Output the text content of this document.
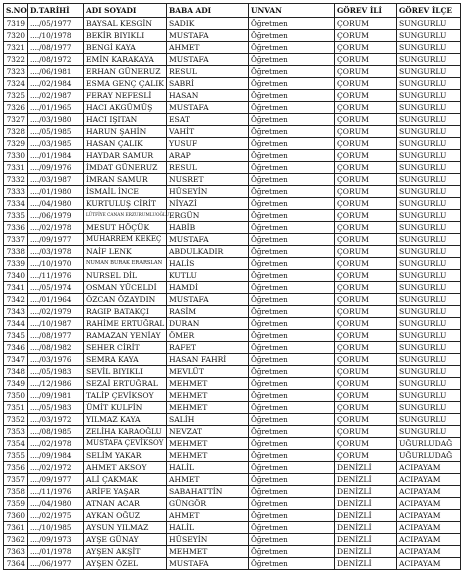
S.NO	D.TARİHİ	ADI SOYADI	BABA ADI	UNVAN	GÖREV İLİ	GÖREV İLÇE
7319	..../05/1977	BAYSAL KESGİN	SADIK	Öğretmen	ÇORUM	SUNGURLU
7320	..../10/1978	BEKİR BIYIKLI	MUSTAFA	Öğretmen	ÇORUM	SUNGURLU
7321	..../08/1977	BENGİ KAYA	AHMET	Öğretmen	ÇORUM	SUNGURLU
7322	..../08/1972	EMİN KARAKAYA	MUSTAFA	Öğretmen	ÇORUM	SUNGURLU
7323	..../06/1981	ERHAN GÜNERUZ	RESUL	Öğretmen	ÇORUM	SUNGURLU
7324	..../02/1984	ESMA GENÇ ÇALIK	SABRİ	Öğretmen	ÇORUM	SUNGURLU
7325	..../02/1987	FERAY NEFESLİ	HASAN	Öğretmen	ÇORUM	SUNGURLU
7326	..../01/1965	HACI AKGÜMÜŞ	MUSTAFA	Öğretmen	ÇORUM	SUNGURLU
7327	..../03/1980	HACI IŞITAN	ESAT	Öğretmen	ÇORUM	SUNGURLU
7328	..../05/1985	HARUN ŞAHİN	VAHİT	Öğretmen	ÇORUM	SUNGURLU
7329	..../03/1985	HASAN ÇALIK	YUSUF	Öğretmen	ÇORUM	SUNGURLU
7330	..../01/1984	HAYDAR SAMUR	ARAP	Öğretmen	ÇORUM	SUNGURLU
7331	..../09/1976	İMDAT GÜNERUZ	RESUL	Öğretmen	ÇORUM	SUNGURLU
7332	..../03/1987	İMRAN SAMUR	NUSRET	Öğretmen	ÇORUM	SUNGURLU
7333	..../01/1980	İSMAİL İNCE	HÜSEYİN	Öğretmen	ÇORUM	SUNGURLU
7334	..../04/1980	KURTULUŞ CİRİT	NİYAZİ	Öğretmen	ÇORUM	SUNGURLU
7335	..../06/1979	LÜTFİYE CANAN ERZURUMLUOĞLU	ERGÜN	Öğretmen	ÇORUM	SUNGURLU
7336	..../02/1978	MESUT HÖÇÜK	HABİB	Öğretmen	ÇORUM	SUNGURLU
7337	..../09/1977	MUHARREM KEKEÇ	MUSTAFA	Öğretmen	ÇORUM	SUNGURLU
7338	..../03/1978	NAİF LENK	ABDULKADIR	Öğretmen	ÇORUM	SUNGURLU
7339	..../10/1970	NUMAN BURAK ERARSLAN	HALİS	Öğretmen	ÇORUM	SUNGURLU
7340	..../11/1976	NURSEL DİL	KUTLU	Öğretmen	ÇORUM	SUNGURLU
7341	..../05/1974	OSMAN YÜCELDİ	HAMDİ	Öğretmen	ÇORUM	SUNGURLU
7342	..../01/1964	ÖZCAN ÖZAYDIN	MUSTAFA	Öğretmen	ÇORUM	SUNGURLU
7343	..../02/1979	RAGIP BATAKÇI	RASİM	Öğretmen	ÇORUM	SUNGURLU
7344	..../10/1987	RAHİME ERTUĞRAL	DURAN	Öğretmen	ÇORUM	SUNGURLU
7345	..../08/1977	RAMAZAN YENİAY	ÖMER	Öğretmen	ÇORUM	SUNGURLU
7346	..../08/1982	SEHER CİRİT	RAFET	Öğretmen	ÇORUM	SUNGURLU
7347	..../03/1976	SEMRA KAYA	HASAN FAHRİ	Öğretmen	ÇORUM	SUNGURLU
7348	..../05/1983	SEVİL BIYIKLI	MEVLÜT	Öğretmen	ÇORUM	SUNGURLU
7349	..../12/1986	SEZAİ ERTUĞRAL	MEHMET	Öğretmen	ÇORUM	SUNGURLU
7350	..../09/1981	TALİP ÇEVİKSOY	MEHMET	Öğretmen	ÇORUM	SUNGURLU
7351	..../05/1983	ÜMİT KULFİN	MEHMET	Öğretmen	ÇORUM	SUNGURLU
7352	..../03/1972	YILMAZ KAYA	SALİH	Öğretmen	ÇORUM	SUNGURLU
7353	..../08/1985	ZELİHA KARAOĞLU	NEVZAT	Öğretmen	ÇORUM	SUNGURLU
7354	..../02/1978	MUSTAFA ÇEVİKSOY	MEHMET	Öğretmen	ÇORUM	UĞURLUDAĞ
7355	..../09/1984	SELİM YAKAR	MEHMET	Öğretmen	ÇORUM	UĞURLUDAĞ
7356	..../02/1972	AHMET AKSOY	HALİL	Öğretmen	DENİZLİ	ACIPAYAM
7357	..../09/1977	ALİ ÇAKMAK	AHMET	Öğretmen	DENİZLİ	ACIPAYAM
7358	..../11/1976	ARİFE YAŞAR	SABAHATTİN	Öğretmen	DENİZLİ	ACIPAYAM
7359	..../04/1980	ATNAN ACAR	GÜNGÖR	Öğretmen	DENİZLİ	ACIPAYAM
7360	..../02/1975	AYKAN OĞUZ	AHMET	Öğretmen	DENİZLİ	ACIPAYAM
7361	..../10/1985	AYSUN YILMAZ	HALİL	Öğretmen	DENİZLİ	ACIPAYAM
7362	..../09/1973	AYŞE GÜNAY	HÜSEYİN	Öğretmen	DENİZLİ	ACIPAYAM
7363	..../01/1978	AYŞEN AKŞİT	MEHMET	Öğretmen	DENİZLİ	ACIPAYAM
7364	..../06/1977	AYŞEN ÖZEL	MUSTAFA	Öğretmen	DENİZLİ	ACIPAYAM
